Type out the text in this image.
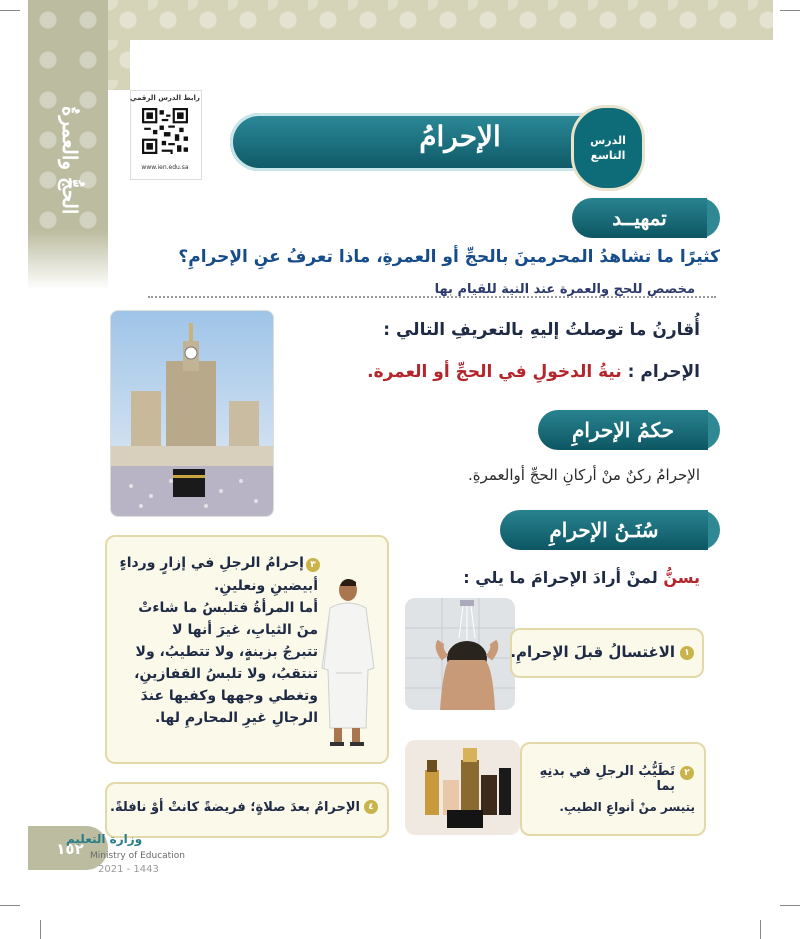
الحجُّ والعمرةُ
رابط الدرس الرقمي
www.ien.edu.sa
الإحرامُ	الدرس
التاسع
تمهيــد
كثيرًا ما تشاهدُ المحرمينَ بالحجِّ أو العمرةِ، ماذا تعرفُ عنِ الإحرامِ؟
مخصص للحج والعمرة عند النية للقيام بها
أُقارنُ ما توصلتُ إليهِ بالتعريفِ التالي :
الإحرام : نيةُ الدخولِ في الحجِّ أو العمرة.
حكمُ الإحرامِ
الإحرامُ ركنٌ منْ أركانِ الحجِّ أوالعمرةِ.
سُنَـنُ الإحرامِ
يسنُّ لمنْ أرادَ الإحرامَ ما يلي :
١
الاغتسالُ قبلَ الإحرامِ.
٢
تَطَيُّبُ الرجلِ في بدنِهِ بما
يتيسر منْ أنواعِ الطيبِ.
٣
إحرامُ الرجلِ في إزارٍ ورداءٍ
أبيضينِ ونعلينِ.
أما المرأةُ فتلبسُ ما شاءتْ
منَ الثيابِ، غيرَ أنها لا
تتبرجُ بزينةٍ، ولا تتطيبُ، ولا
تنتقبُ، ولا تلبسُ القفازينِ،
وتغطي وجهها وكفيها عندَ
الرجالِ غيرِ المحارمِ لها.
٤
الإحرامُ بعدَ صلاةٍ؛ فريضةً كانتْ أوْ نافلةً.
١٥٢
وزارة التعليم
Ministry of Education
2021 - 1443
